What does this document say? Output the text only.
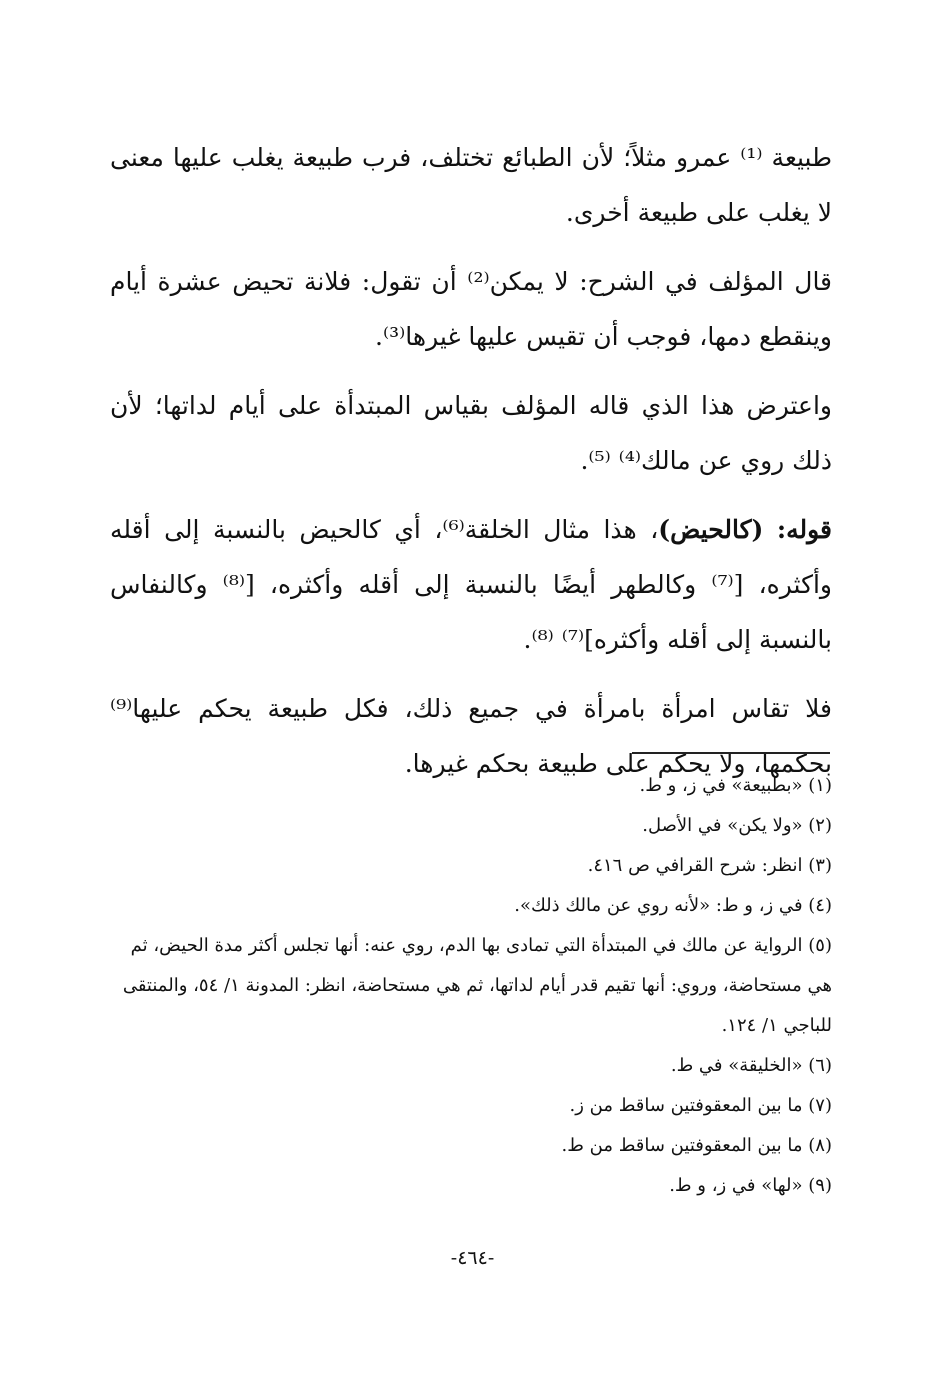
طبيعة ⁽¹⁾ عمرو مثلاً؛ لأن الطبائع تختلف، فرب طبيعة يغلب عليها معنى لا يغلب على طبيعة أخرى.

قال المؤلف في الشرح: لا يمكن⁽²⁾ أن تقول: فلانة تحيض عشرة أيام وينقطع دمها، فوجب أن تقيس عليها غيرها⁽³⁾.

واعترض هذا الذي قاله المؤلف بقياس المبتدأة على أيام لداتها؛ لأن ذلك روي عن مالك⁽⁴⁾ ⁽⁵⁾.

قوله: (كالحيض)، هذا مثال الخلقة⁽⁶⁾، أي كالحيض بالنسبة إلى أقله وأكثره، [⁽⁷⁾ وكالطهر أيضًا بالنسبة إلى أقله وأكثره، [⁽⁸⁾ وكالنفاس بالنسبة إلى أقله وأكثره]⁽⁷⁾ ⁽⁸⁾.

فلا تقاس امرأة بامرأة في جميع ذلك، فكل طبيعة يحكم عليها⁽⁹⁾ بحكمها، ولا يحكم على طبيعة بحكم غيرها.

(١) «بطبيعة» في ز، و ط.

(٢) «ولا يكن» في الأصل.

(٣) انظر: شرح القرافي ص ٤١٦.

(٤) في ز، و ط: «لأنه روي عن مالك ذلك».

(٥) الرواية عن مالك في المبتدأة التي تمادى بها الدم، روي عنه: أنها تجلس أكثر مدة الحيض، ثم هي مستحاضة، وروي: أنها تقيم قدر أيام لداتها، ثم هي مستحاضة، انظر: المدونة ١/ ٥٤، والمنتقى للباجي ١/ ١٢٤.

(٦) «الخليقة» في ط.

(٧) ما بين المعقوفتين ساقط من ز.

(٨) ما بين المعقوفتين ساقط من ط.

(٩) «لها» في ز، و ط.

-٤٦٤-
